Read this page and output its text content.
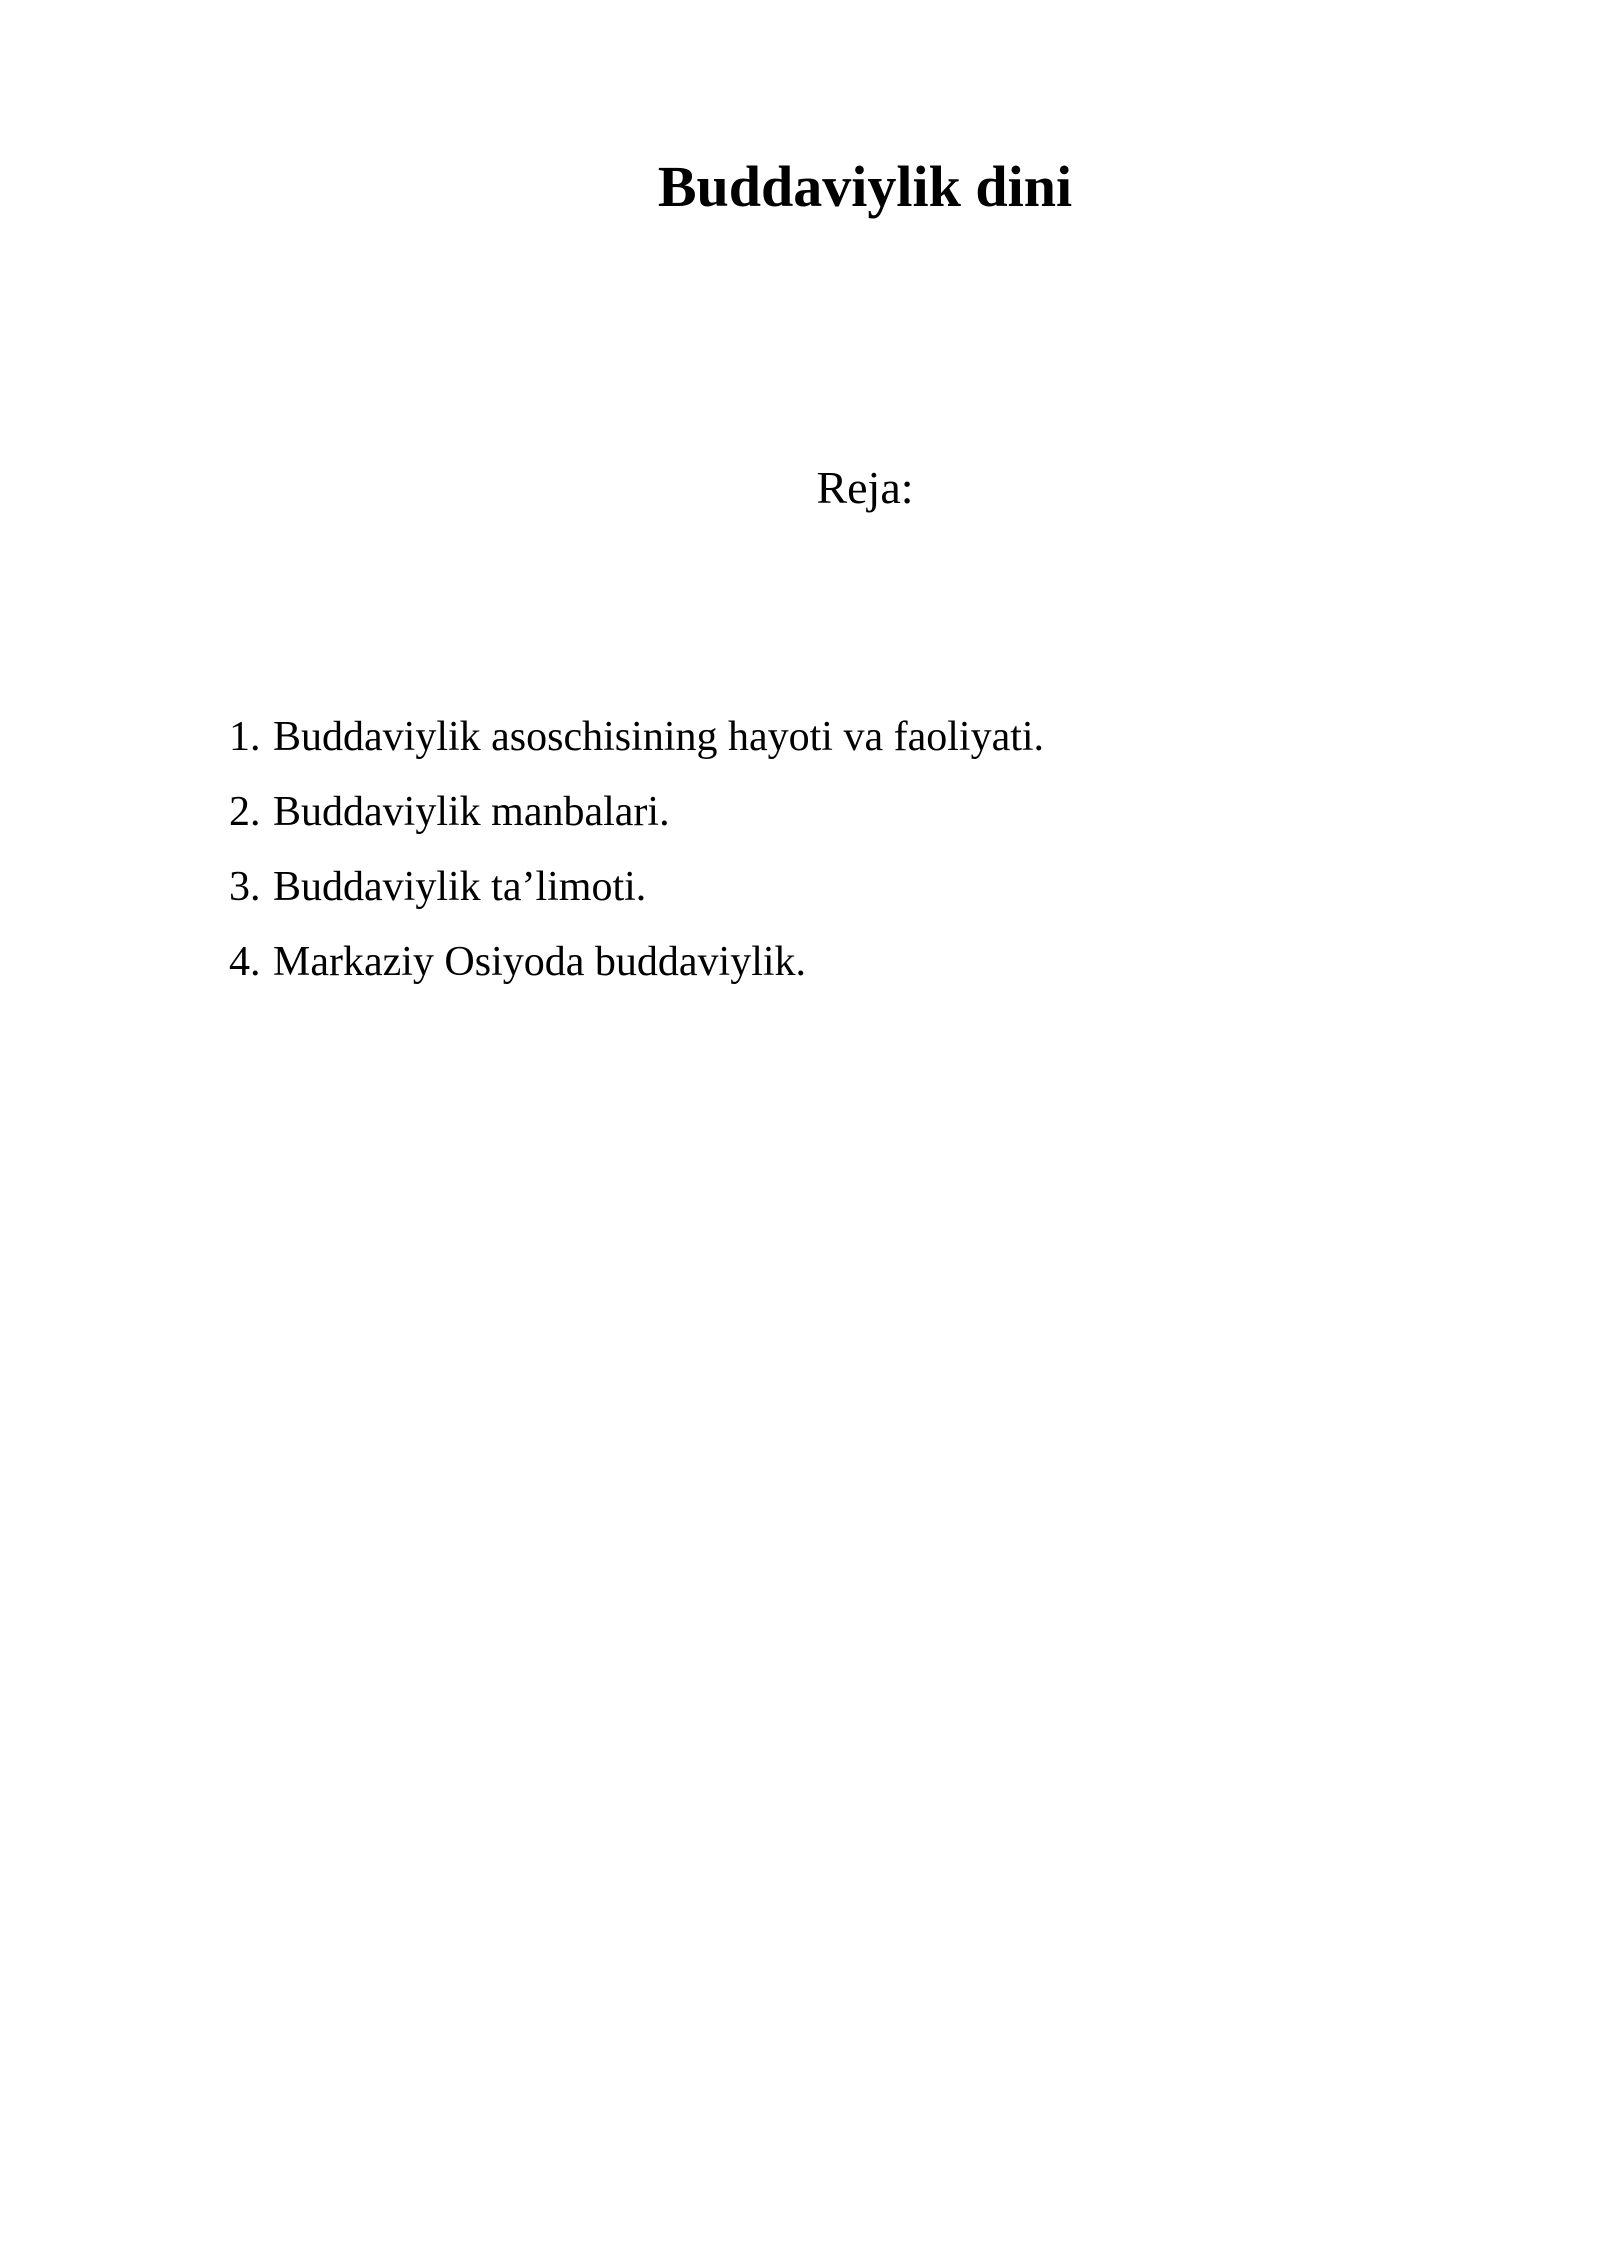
Buddaviylik dini
Reja:
1. Buddaviylik asoschisining hayoti va faoliyati.
2. Buddaviylik manbalari.
3. Buddaviylik ta’limoti.
4. Markaziy Osiyoda buddaviylik.
